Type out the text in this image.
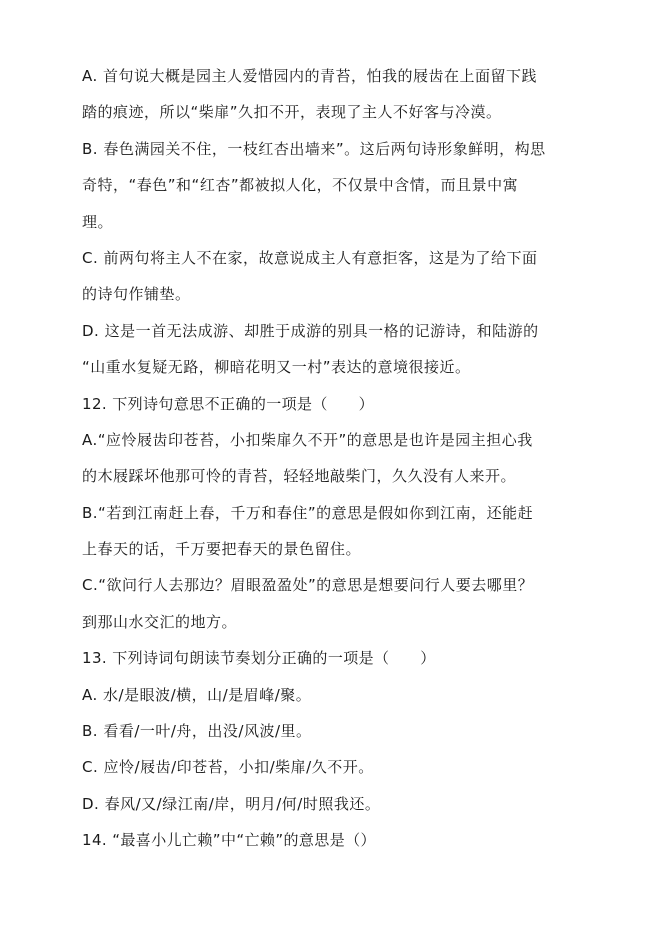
A. 首句说大概是园主人爱惜园内的青苔，怕我的屐齿在上面留下践
踏的痕迹，所以“柴扉”久扣不开，表现了主人不好客与冷漠。
B. 春色满园关不住，一枝红杏出墙来”。这后两句诗形象鲜明，构思
奇特，“春色”和“红杏”都被拟人化，不仅景中含情，而且景中寓
理。
C. 前两句将主人不在家，故意说成主人有意拒客，这是为了给下面
的诗句作铺垫。
D. 这是一首无法成游、却胜于成游的别具一格的记游诗，和陆游的
“山重水复疑无路，柳暗花明又一村”表达的意境很接近。
12. 下列诗句意思不正确的一项是（　　）
A.“应怜屐齿印苍苔，小扣柴扉久不开”的意思是也许是园主担心我
的木屐踩坏他那可怜的青苔，轻轻地敲柴门，久久没有人来开。
B.“若到江南赶上春，千万和春住”的意思是假如你到江南，还能赶
上春天的话，千万要把春天的景色留住。
C.“欲问行人去那边？眉眼盈盈处”的意思是想要问行人要去哪里？
到那山水交汇的地方。
13. 下列诗词句朗读节奏划分正确的一项是（　　）
A. 水/是眼波/横，山/是眉峰/聚。
B. 看看/一叶/舟，出没/风波/里。
C. 应怜/屐齿/印苍苔，小扣/柴扉/久不开。
D. 春风/又/绿江南/岸，明月/何/时照我还。
14. “最喜小儿亡赖”中“亡赖”的意思是（）
